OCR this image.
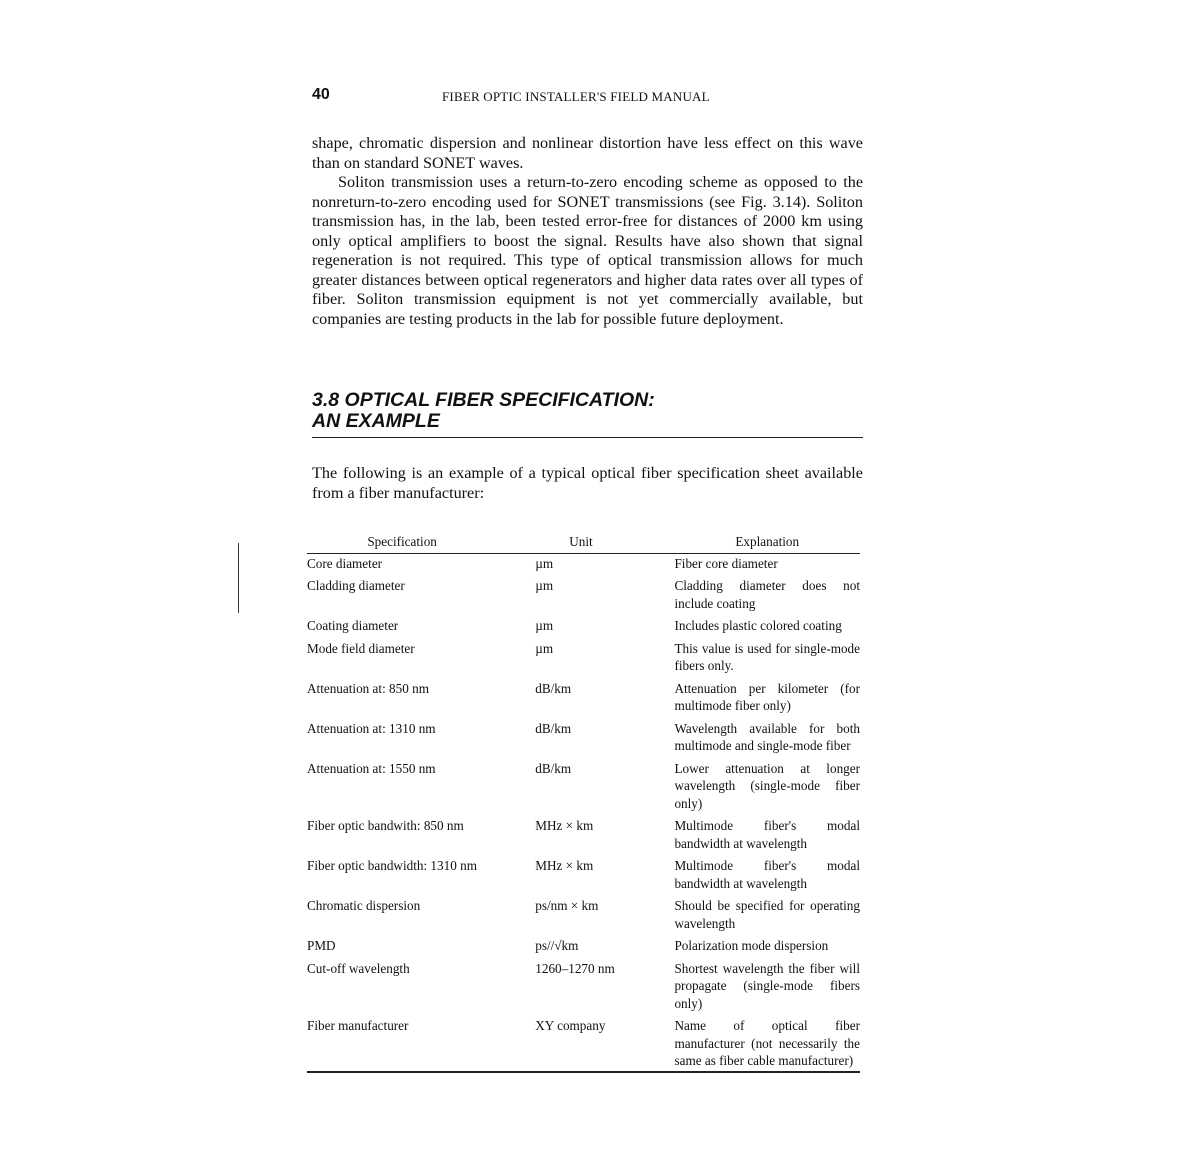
40	FIBER OPTIC INSTALLER'S FIELD MANUAL

shape, chromatic dispersion and nonlinear distortion have less effect on this wave than on standard SONET waves.

Soliton transmission uses a return-to-zero encoding scheme as opposed to the nonreturn-to-zero encoding used for SONET transmissions (see Fig. 3.14). Soliton transmission has, in the lab, been tested error-free for distances of 2000 km using only optical amplifiers to boost the signal. Results have also shown that signal regeneration is not required. This type of optical transmission allows for much greater distances between optical regenerators and higher data rates over all types of fiber. Soliton transmission equipment is not yet commercially available, but companies are testing products in the lab for possible future deployment.

3.8 OPTICAL FIBER SPECIFICATION:
AN EXAMPLE

The following is an example of a typical optical fiber specification sheet available from a fiber manufacturer:

Specification	Unit	Explanation
Core diameter	µm	Fiber core diameter
Cladding diameter	µm	Cladding diameter does not include coating
Coating diameter	µm	Includes plastic colored coating
Mode field diameter	µm	This value is used for single-mode fibers only.
Attenuation at: 850 nm	dB/km	Attenuation per kilometer (for multimode fiber only)
Attenuation at: 1310 nm	dB/km	Wavelength available for both multimode and single-mode fiber
Attenuation at: 1550 nm	dB/km	Lower attenuation at longer wavelength (single-mode fiber only)
Fiber optic bandwith: 850 nm	MHz × km	Multimode fiber's modal bandwidth at wavelength
Fiber optic bandwidth: 1310 nm	MHz × km	Multimode fiber's modal bandwidth at wavelength
Chromatic dispersion	ps/nm × km	Should be specified for operating wavelength
PMD	ps//√km	Polarization mode dispersion
Cut-off wavelength	1260–1270 nm	Shortest wavelength the fiber will propagate (single-mode fibers only)
Fiber manufacturer	XY company	Name of optical fiber manufacturer (not necessarily the same as fiber cable manufacturer)
